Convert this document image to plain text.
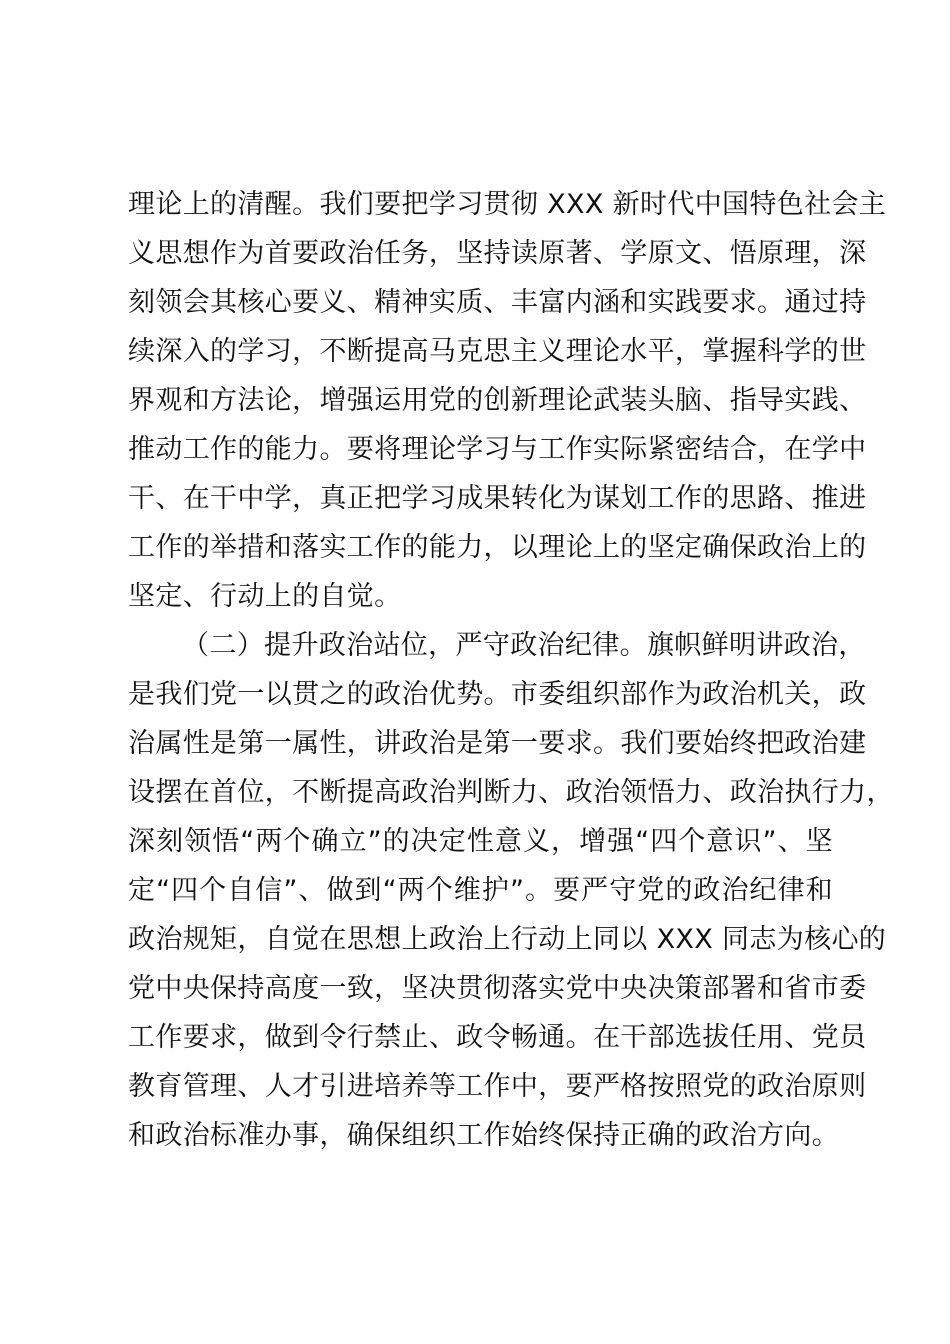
理论上的清醒。我们要把学习贯彻 XXX 新时代中国特色社会主
义思想作为首要政治任务，坚持读原著、学原文、悟原理，深
刻领会其核心要义、精神实质、丰富内涵和实践要求。通过持
续深入的学习，不断提高马克思主义理论水平，掌握科学的世
界观和方法论，增强运用党的创新理论武装头脑、指导实践、
推动工作的能力。要将理论学习与工作实际紧密结合，在学中
干、在干中学，真正把学习成果转化为谋划工作的思路、推进
工作的举措和落实工作的能力，以理论上的坚定确保政治上的
坚定、行动上的自觉。
（二）提升政治站位，严守政治纪律。旗帜鲜明讲政治，
是我们党一以贯之的政治优势。市委组织部作为政治机关，政
治属性是第一属性，讲政治是第一要求。我们要始终把政治建
设摆在首位，不断提高政治判断力、政治领悟力、政治执行力，
深刻领悟“两个确立”的决定性意义，增强“四个意识”、坚
定“四个自信”、做到“两个维护”。要严守党的政治纪律和
政治规矩，自觉在思想上政治上行动上同以 XXX 同志为核心的
党中央保持高度一致，坚决贯彻落实党中央决策部署和省市委
工作要求，做到令行禁止、政令畅通。在干部选拔任用、党员
教育管理、人才引进培养等工作中，要严格按照党的政治原则
和政治标准办事，确保组织工作始终保持正确的政治方向。
